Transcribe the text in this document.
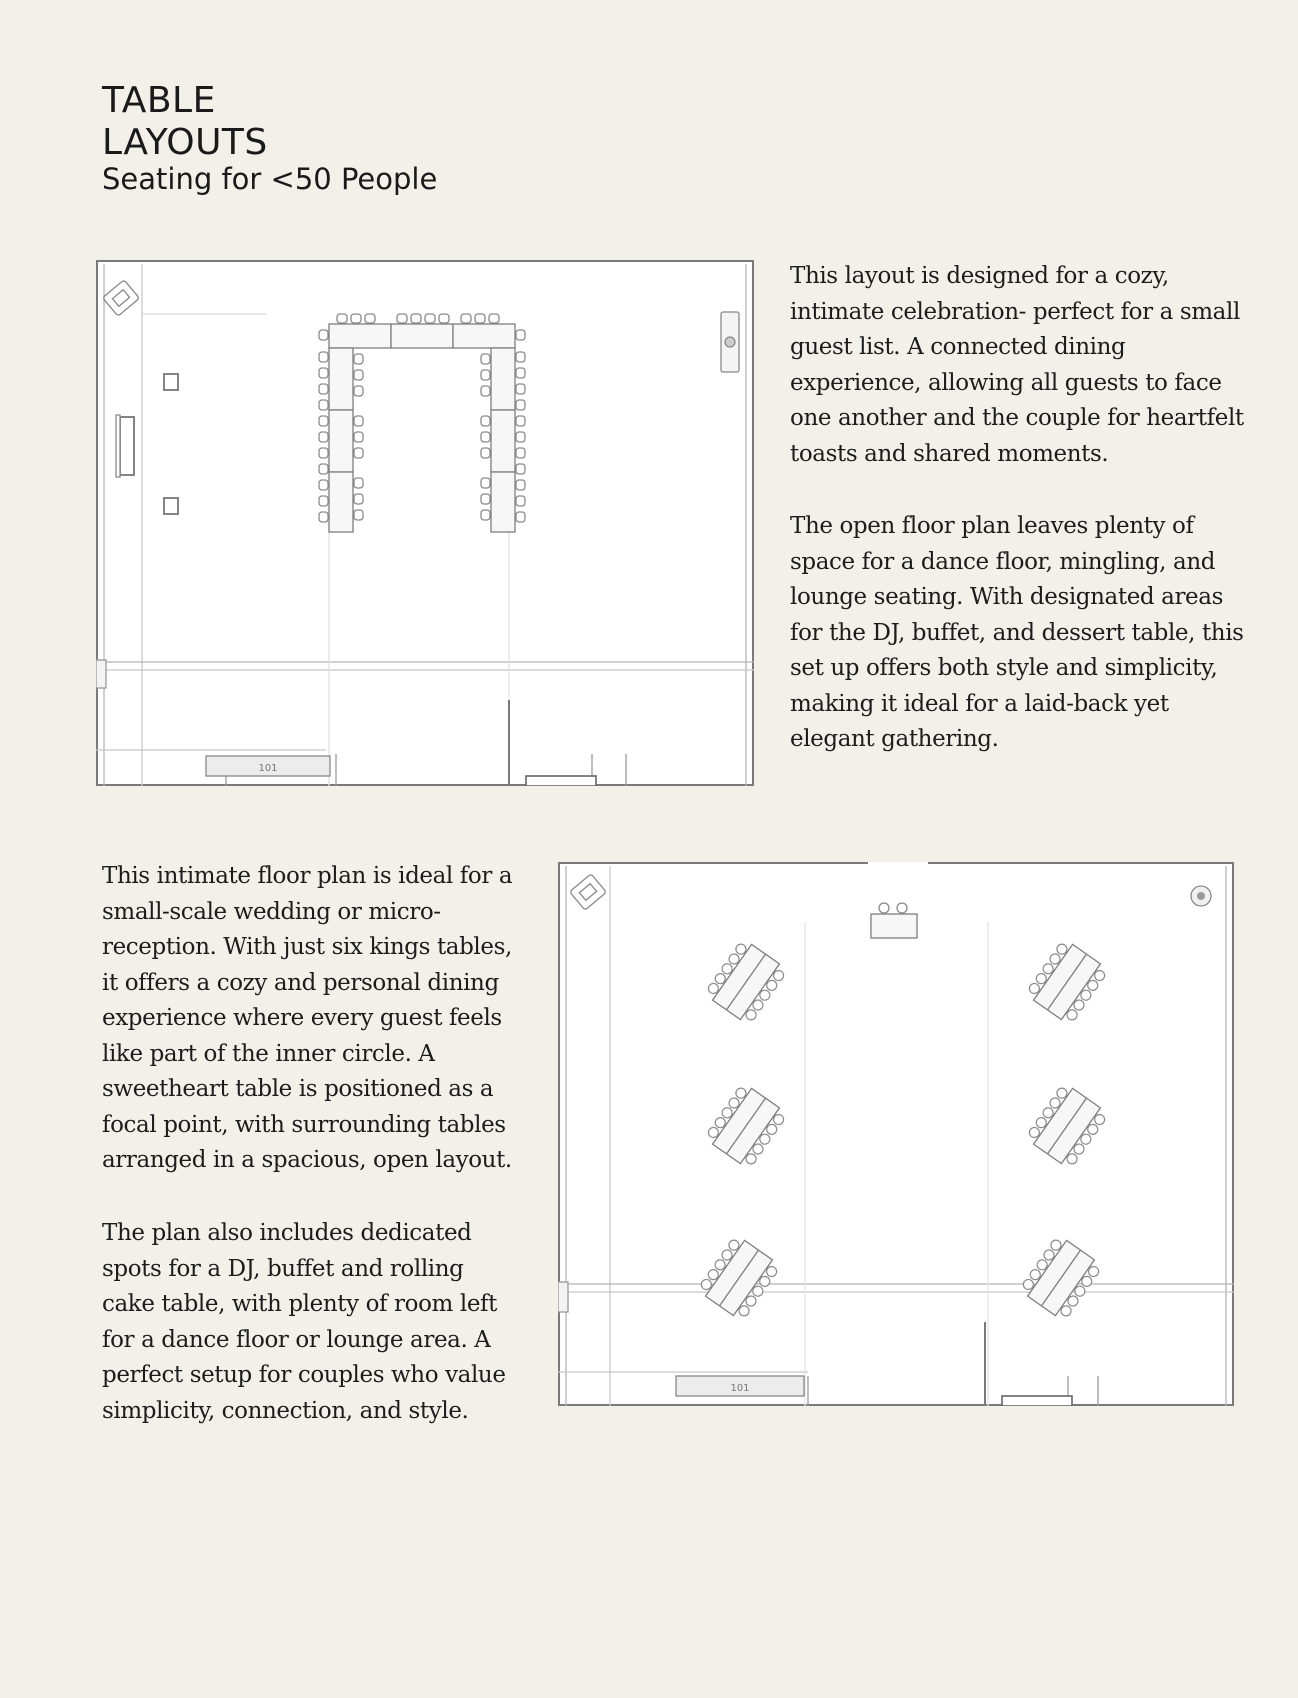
TABLE
LAYOUTS

Seating for <50 People

101

This layout is designed for a cozy, intimate celebration- perfect for a small guest list. A connected dining experience, allowing all guests to face one another and the couple for heartfelt toasts and shared moments.

The open floor plan leaves plenty of space for a dance floor, mingling, and lounge seating. With designated areas for the DJ, buffet, and dessert table, this set up offers both style and simplicity, making it ideal for a laid-back yet elegant gathering.

This intimate floor plan is ideal for a small-scale wedding or micro-reception. With just six kings tables, it offers a cozy and personal dining experience where every guest feels like part of the inner circle. A sweetheart table is positioned as a focal point, with surrounding tables arranged in a spacious, open layout.

The plan also includes dedicated spots for a DJ, buffet and rolling cake table, with plenty of room left for a dance floor or lounge area. A perfect setup for couples who value simplicity, connection, and style.

101
